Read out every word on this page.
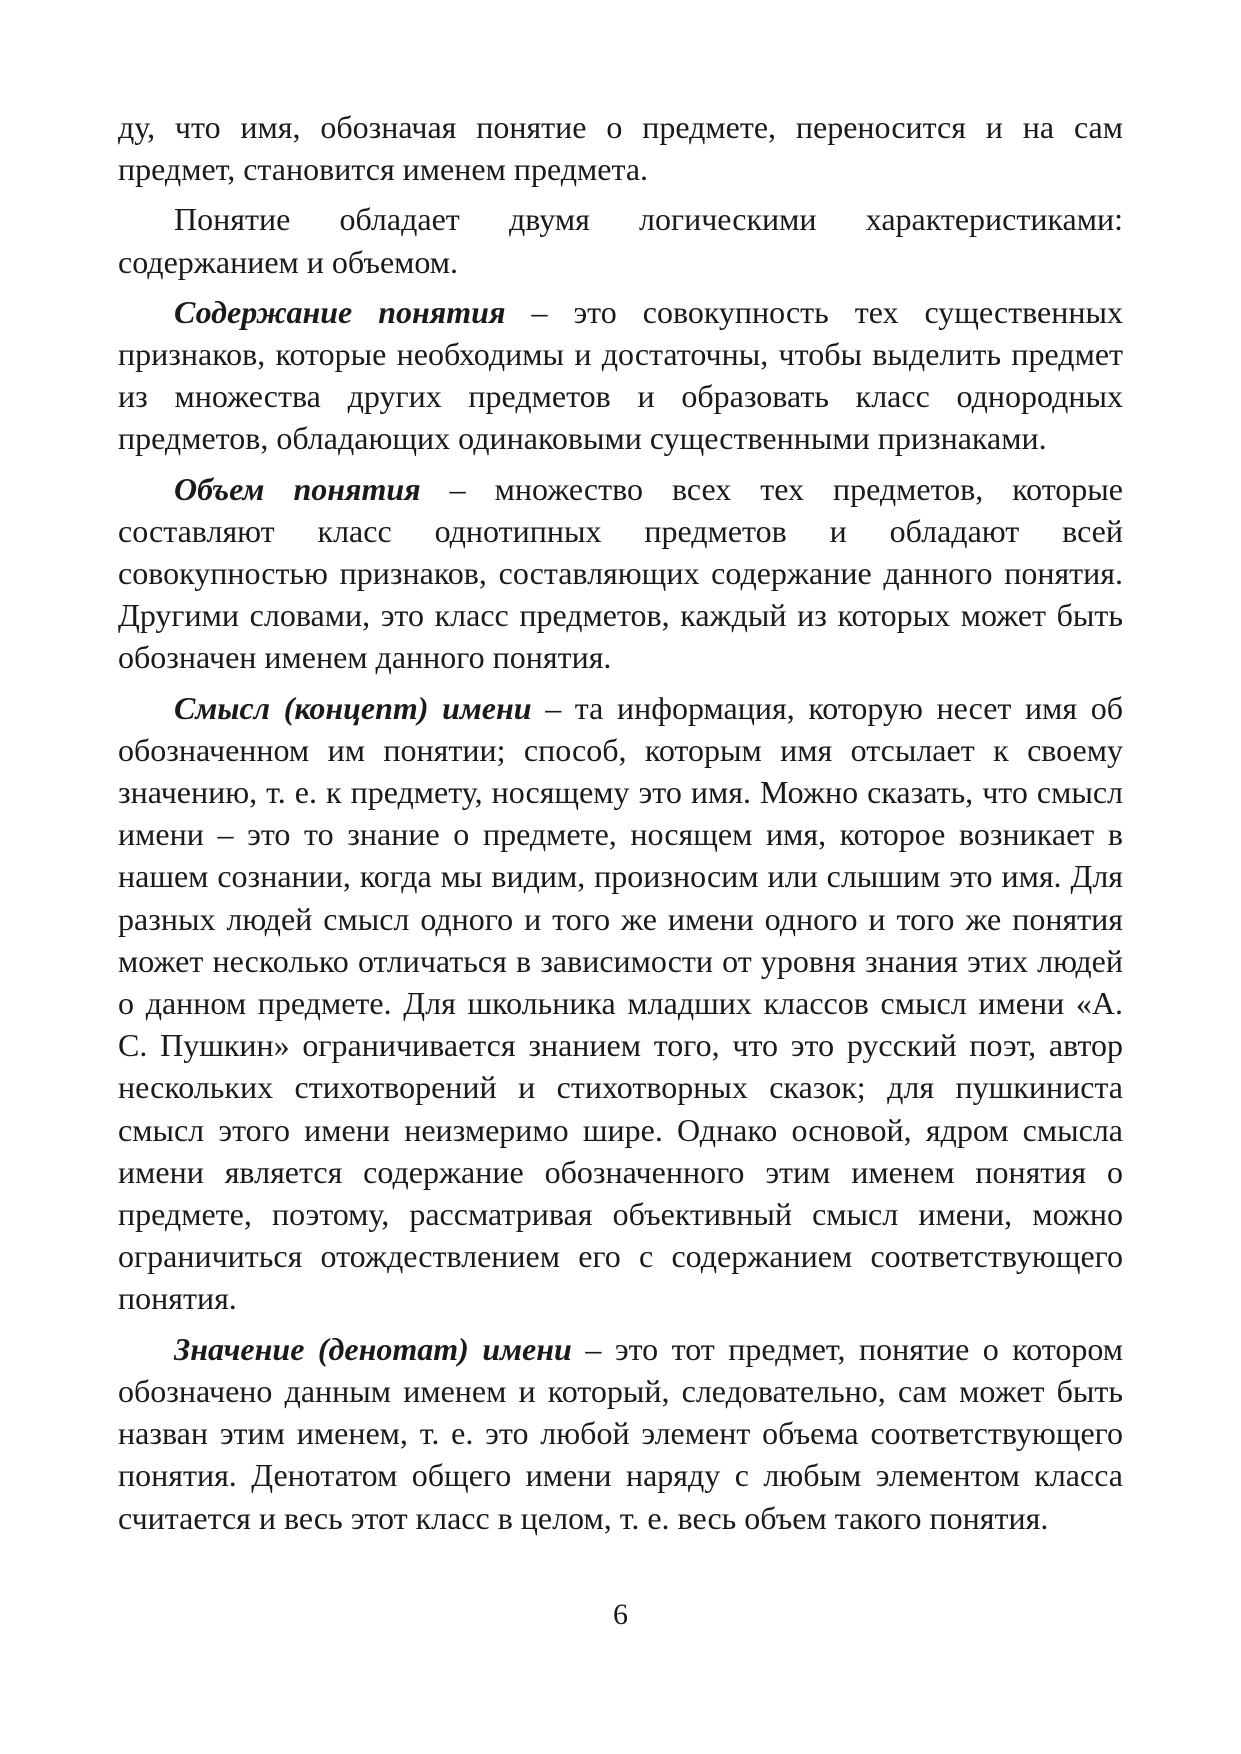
ду, что имя, обозначая понятие о предмете, переносится и на сам предмет, становится именем предмета.

Понятие обладает двумя логическими характеристиками: содержанием и объемом.

Содержание понятия – это совокупность тех существенных признаков, которые необходимы и достаточны, чтобы выделить предмет из множества других предметов и образовать класс однородных предметов, обладающих одинаковыми существенными признаками.

Объем понятия – множество всех тех предметов, которые составляют класс однотипных предметов и обладают всей совокупностью признаков, составляющих содержание данного понятия. Другими словами, это класс предметов, каждый из которых может быть обозначен именем данного понятия.

Смысл (концепт) имени – та информация, которую несет имя об обозначенном им понятии; способ, которым имя отсылает к своему значению, т. е. к предмету, носящему это имя. Можно сказать, что смысл имени – это то знание о предмете, носящем имя, которое возникает в нашем сознании, когда мы видим, произносим или слышим это имя. Для разных людей смысл одного и того же имени одного и того же понятия может несколько отличаться в зависимости от уровня знания этих людей о данном предмете. Для школьника младших классов смысл имени «А. С. Пушкин» ограничивается знанием того, что это русский поэт, автор нескольких стихотворений и стихотворных сказок; для пушкиниста смысл этого имени неизмеримо шире. Однако основой, ядром смысла имени является содержание обозначенного этим именем понятия о предмете, поэтому, рассматривая объективный смысл имени, можно ограничиться отождествлением его с содержанием соответствующего понятия.

Значение (денотат) имени – это тот предмет, понятие о котором обозначено данным именем и который, следовательно, сам может быть назван этим именем, т. е. это любой элемент объема соответствующего понятия. Денотатом общего имени наряду с любым элементом класса считается и весь этот класс в целом, т. е. весь объем такого понятия.

6
